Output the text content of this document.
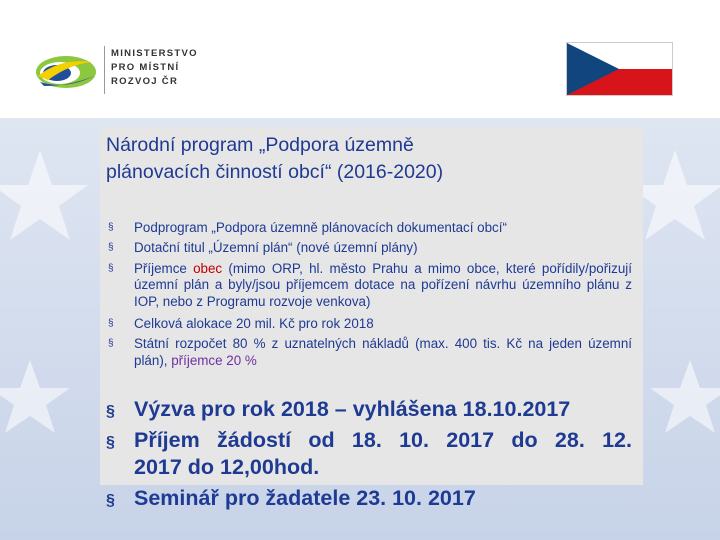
MINISTERSTVO
PRO MÍSTNÍ
ROZVOJ ČR
Národní program „Podpora územně
plánovacích činností obcí“ (2016-2020)
§ Podprogram „Podpora územně plánovacích dokumentací obcí“
§ Dotační titul „Územní plán“ (nové územní plány)
§ Příjemce obec (mimo ORP, hl. město Prahu a mimo obce, které pořídily/pořizují územní plán a byly/jsou příjemcem dotace na pořízení návrhu územního plánu z IOP, nebo z Programu rozvoje venkova)
§ Celková alokace 20 mil. Kč pro rok 2018
§ Státní rozpočet 80 % z uznatelných nákladů (max. 400 tis. Kč na jeden územní plán), příjemce 20 %
§ Výzva pro rok 2018 – vyhlášena 18.10.2017
§ Příjem žádostí od 18. 10. 2017 do 28. 12.
2017 do 12,00hod.
§ Seminář pro žadatele 23. 10. 2017
